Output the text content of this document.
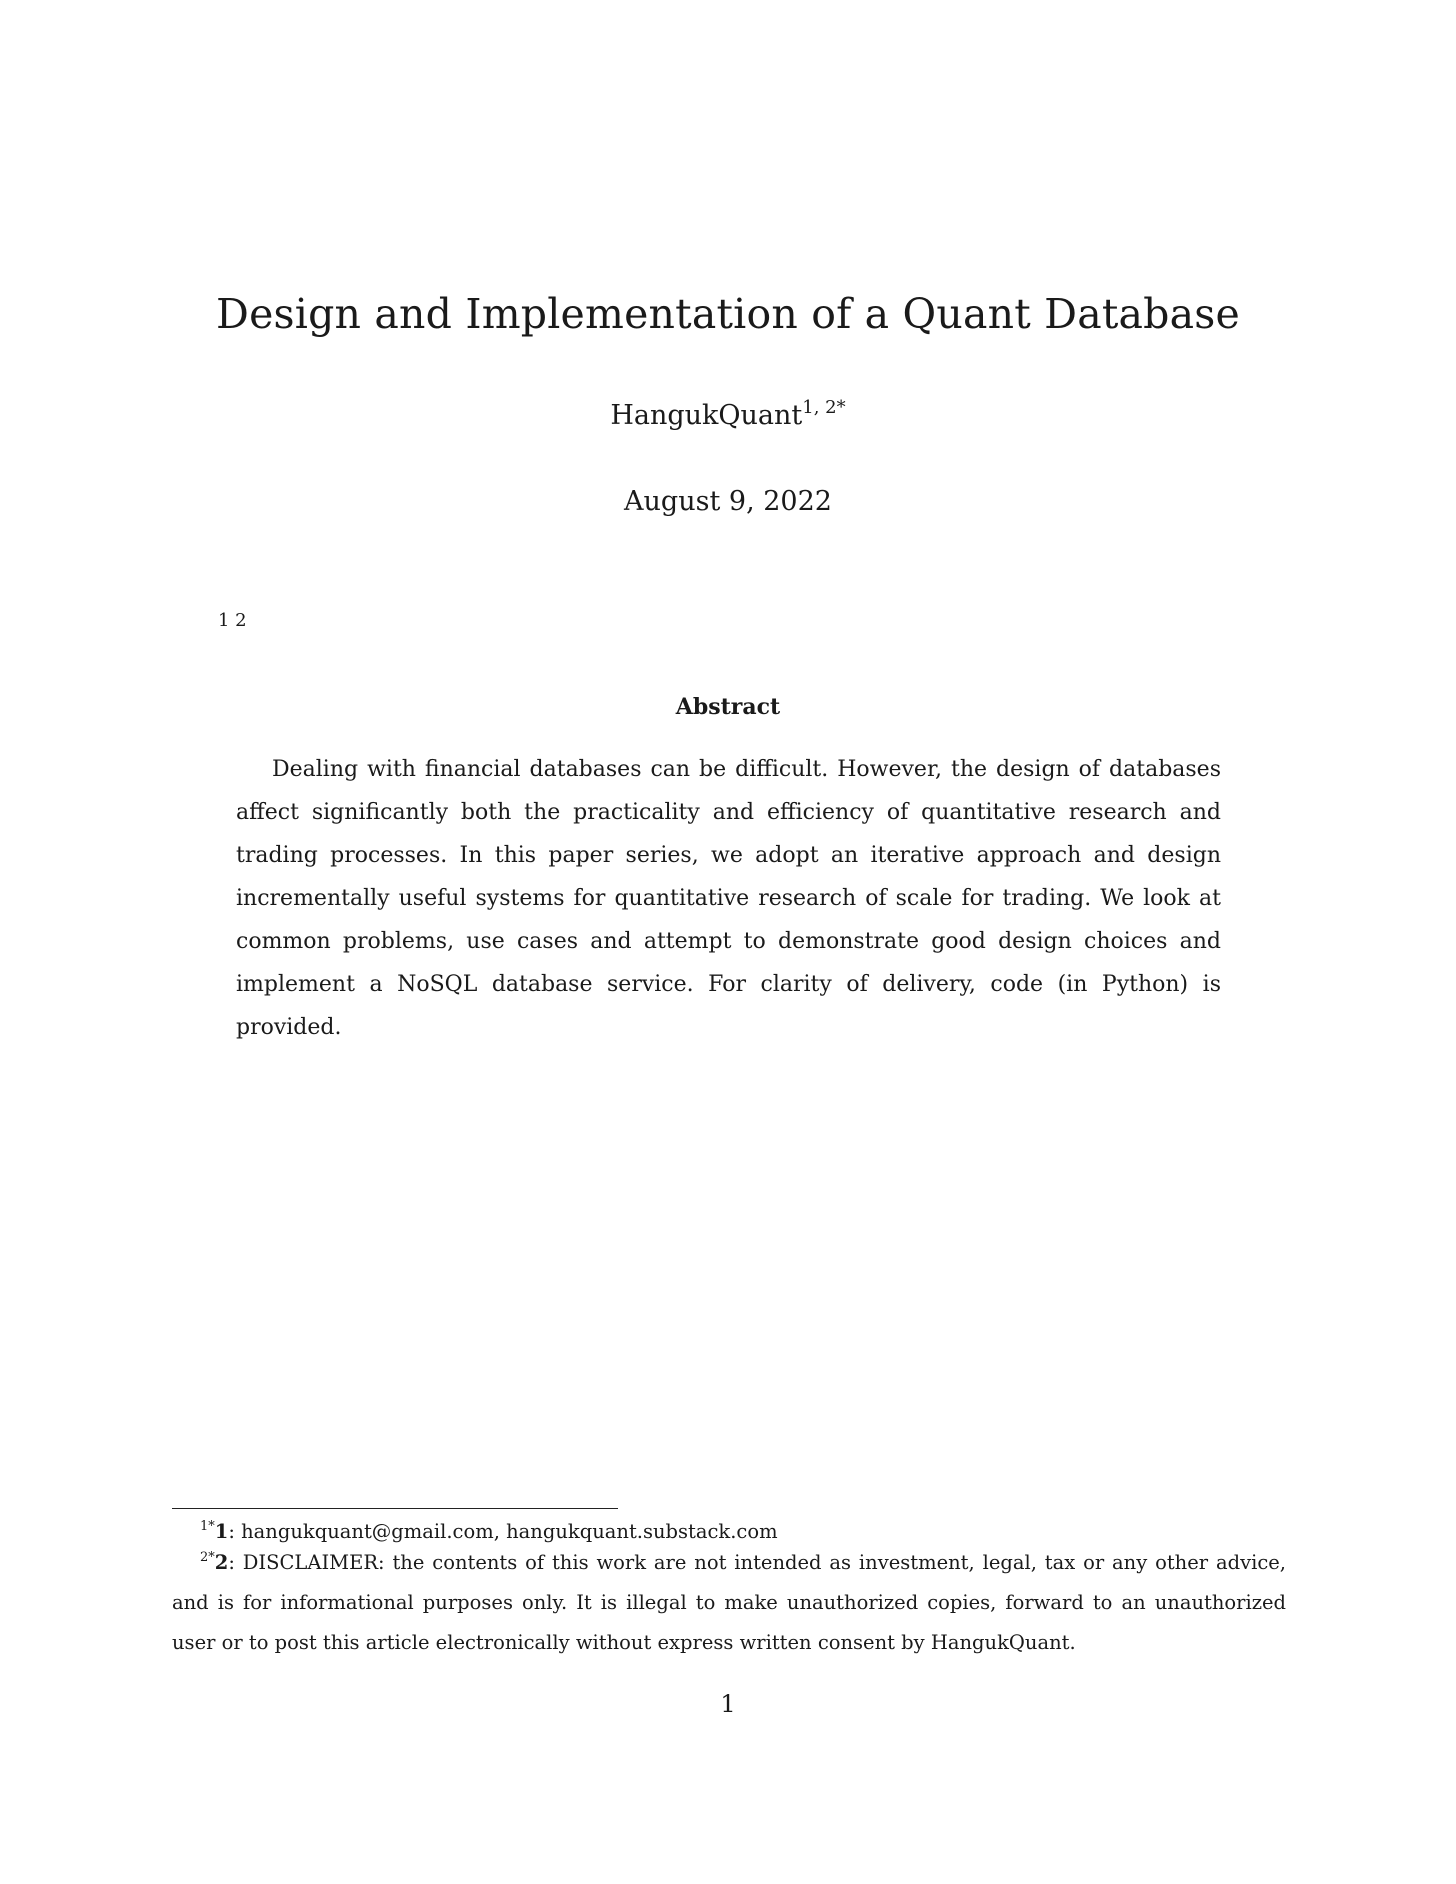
Design and Implementation of a Quant Database
HangukQuant$^{1, 2*}$
August 9, 2022
1 2
Abstract

Dealing with financial databases can be difficult. However, the design of databases affect significantly both the practicality and efficiency of quantitative research and trading processes. In this paper series, we adopt an iterative approach and design incrementally useful systems for quantitative research of scale for trading. We look at common problems, use cases and attempt to demonstrate good design choices and implement a NoSQL database service. For clarity of delivery, code (in Python) is provided.

$^{1*}$1: hangukquant@gmail.com, hangukquant.substack.com

$^{2*}$2: DISCLAIMER: the contents of this work are not intended as investment, legal, tax or any other advice, and is for informational purposes only. It is illegal to make unauthorized copies, forward to an unauthorized user or to post this article electronically without express written consent by HangukQuant.

1
